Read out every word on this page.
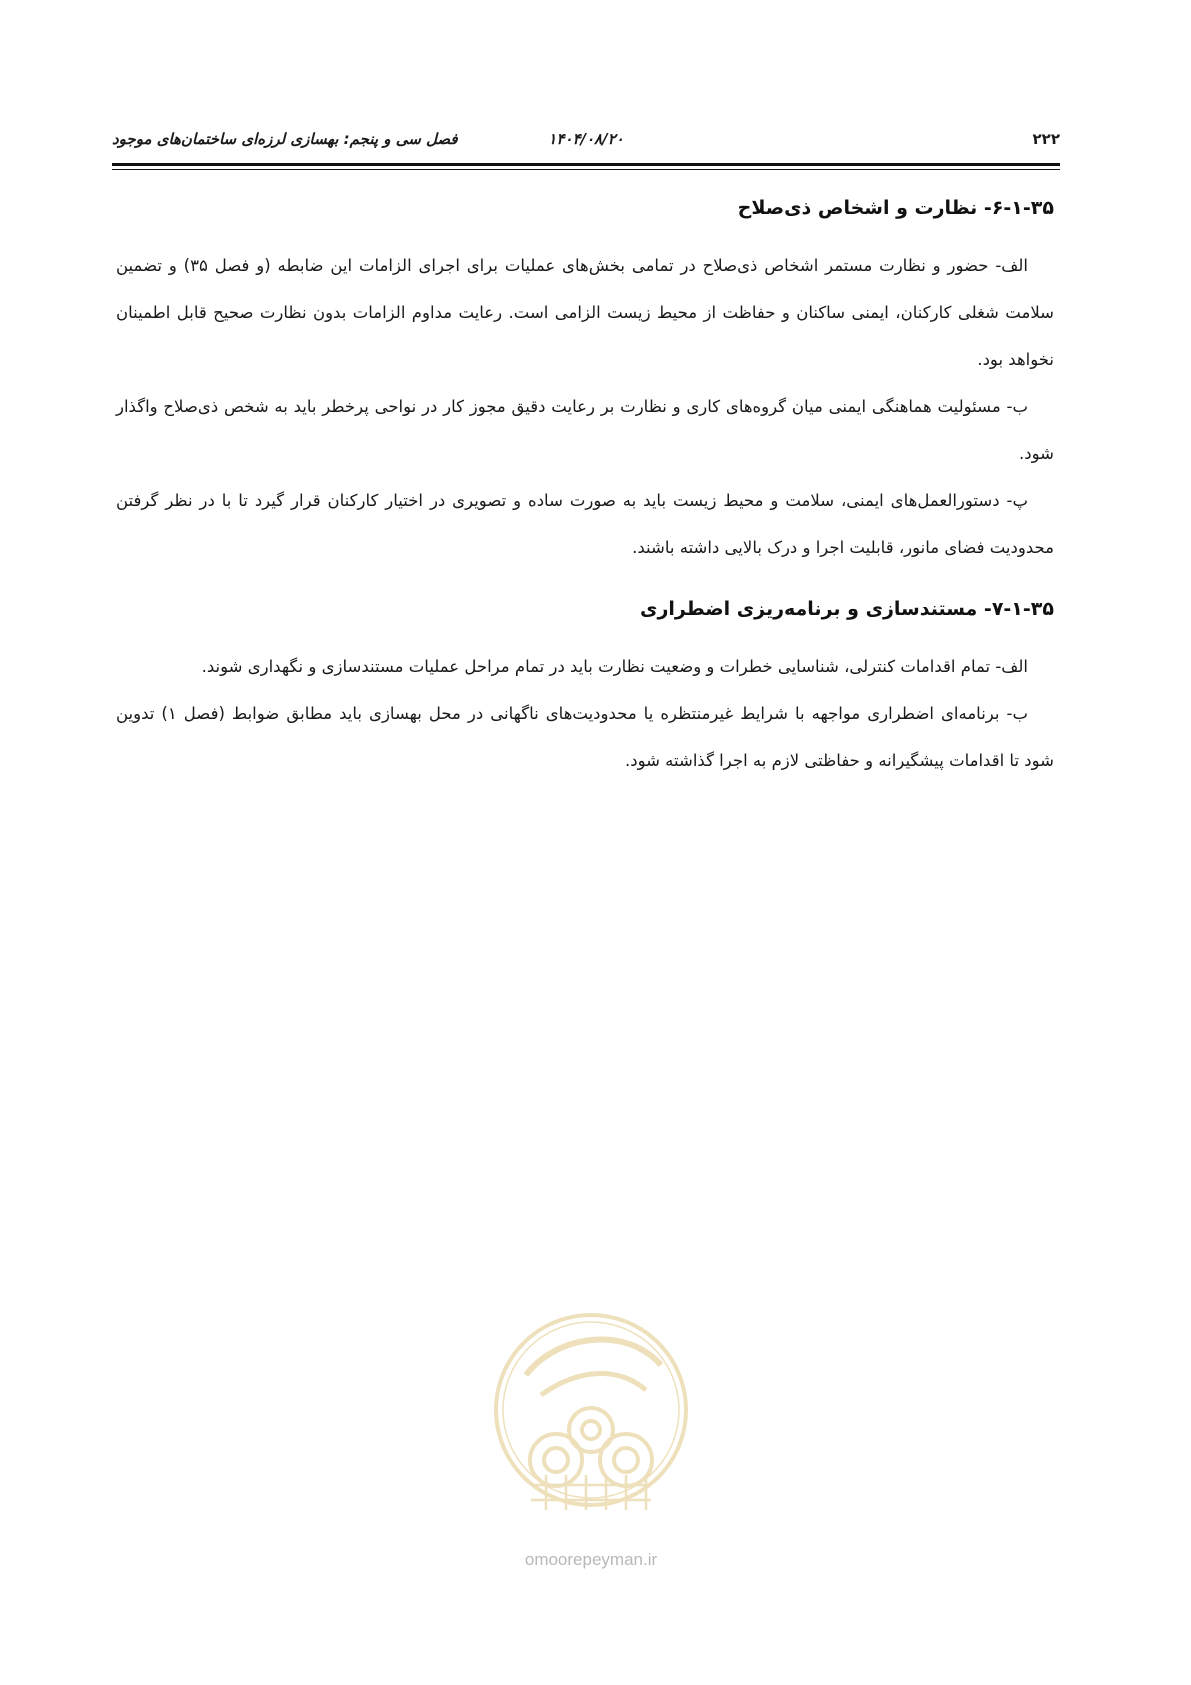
۲۲۲
۱۴۰۴/۰۸/۲۰
فصل سی و پنجم: بهسازی لرزه‌ای ساختمان‌های موجود
۶-۱-۳۵- نظارت و اشخاص ذی‌صلاح

الف- حضور و نظارت مستمر اشخاص ذی‌صلاح در تمامی بخش‌های عملیات برای اجرای الزامات این ضابطه (و فصل ۳۵) و تضمین سلامت شغلی کارکنان، ایمنی ساکنان و حفاظت از محیط زیست الزامی است. رعایت مداوم الزامات بدون نظارت صحیح قابل اطمینان نخواهد بود.

ب- مسئولیت هماهنگی ایمنی میان گروه‌های کاری و نظارت بر رعایت دقیق مجوز کار در نواحی پرخطر باید به شخص ذی‌صلاح واگذار شود.

پ- دستورالعمل‌های ایمنی، سلامت و محیط زیست باید به صورت ساده و تصویری در اختیار کارکنان قرار گیرد تا با در نظر گرفتن محدودیت فضای مانور، قابلیت اجرا و درک بالایی داشته باشند.

۷-۱-۳۵- مستندسازی و برنامه‌ریزی اضطراری

الف- تمام اقدامات کنترلی، شناسایی خطرات و وضعیت نظارت باید در تمام مراحل عملیات مستندسازی و نگهداری شوند.

ب- برنامه‌ای اضطراری مواجهه با شرایط غیرمنتظره یا محدودیت‌های ناگهانی در محل بهسازی باید مطابق ضوابط (فصل ۱) تدوین شود تا اقدامات پیشگیرانه و حفاظتی لازم به اجرا گذاشته شود.

omoorepeyman.ir
